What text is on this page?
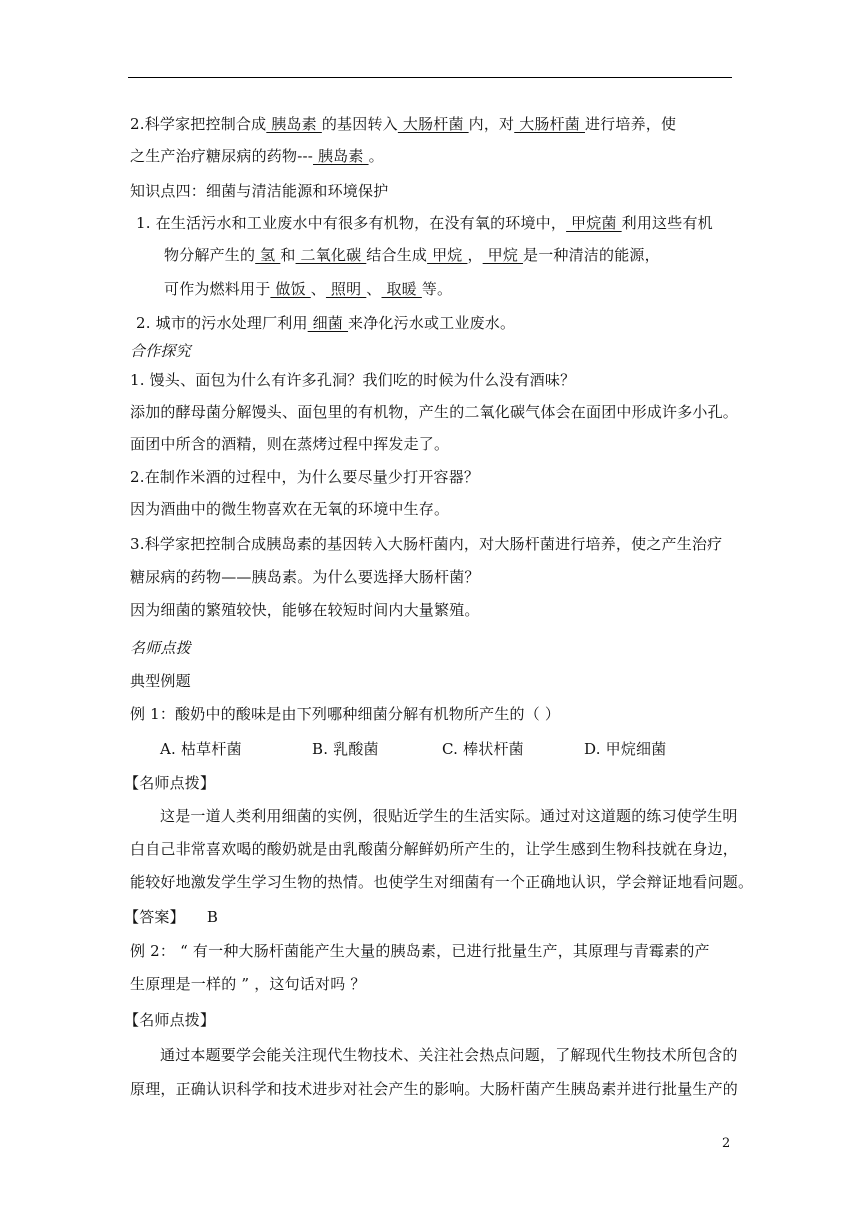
2.科学家把控制合成 胰岛素 的基因转入 大肠杆菌 内，对 大肠杆菌 进行培养，使
之生产治疗糖尿病的药物--- 胰岛素 。
知识点四：细菌与清洁能源和环境保护
1. 在生活污水和工业废水中有很多有机物，在没有氧的环境中， 甲烷菌 利用这些有机
物分解产生的 氢 和 二氧化碳 结合生成 甲烷 ， 甲烷 是一种清洁的能源，
可作为燃料用于 做饭 、 照明 、 取暖 等。
2. 城市的污水处理厂利用 细菌 来净化污水或工业废水。
合作探究
1. 馒头、面包为什么有许多孔洞？我们吃的时候为什么没有酒味？
添加的酵母菌分解馒头、面包里的有机物，产生的二氧化碳气体会在面团中形成许多小孔。
面团中所含的酒精，则在蒸烤过程中挥发走了。
2.在制作米酒的过程中，为什么要尽量少打开容器？
因为酒曲中的微生物喜欢在无氧的环境中生存。
3.科学家把控制合成胰岛素的基因转入大肠杆菌内，对大肠杆菌进行培养，使之产生治疗
糖尿病的药物——胰岛素。为什么要选择大肠杆菌？
因为细菌的繁殖较快，能够在较短时间内大量繁殖。
名师点拨
典型例题
例 1：酸奶中的酸味是由下列哪种细菌分解有机物所产生的（ ）
A. 枯草杆菌	B. 乳酸菌	C. 棒状杆菌	D. 甲烷细菌
【名师点拨】
这是一道人类利用细菌的实例，很贴近学生的生活实际。通过对这道题的练习使学生明
白自己非常喜欢喝的酸奶就是由乳酸菌分解鲜奶所产生的，让学生感到生物科技就在身边，
能较好地激发学生学习生物的热情。也使学生对细菌有一个正确地认识，学会辩证地看问题。
【答案】 B
例 2： “ 有一种大肠杆菌能产生大量的胰岛素，已进行批量生产，其原理与青霉素的产
生原理是一样的 ” ，这句话对吗 ？
【名师点拨】
通过本题要学会能关注现代生物技术、关注社会热点问题，了解现代生物技术所包含的
原理，正确认识科学和技术进步对社会产生的影响。大肠杆菌产生胰岛素并进行批量生产的
2
